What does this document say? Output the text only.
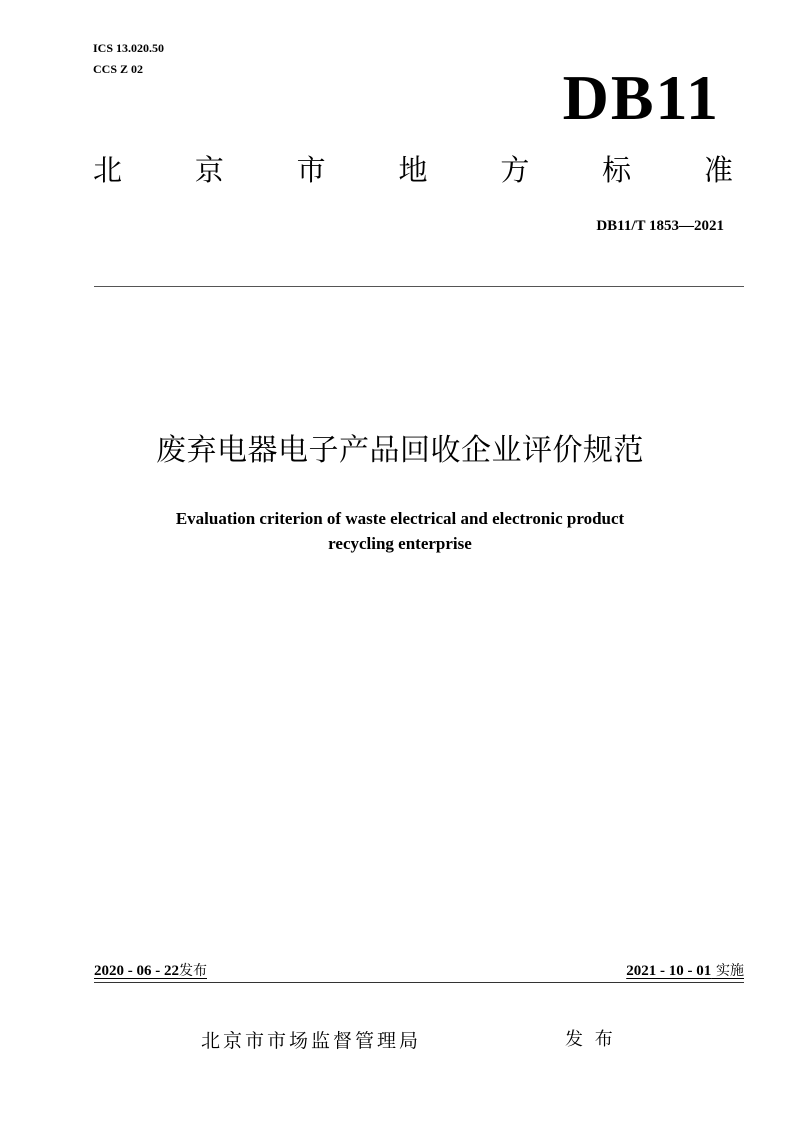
ICS 13.020.50
CCS Z 02	DB11
北	京	市	地	方	标	准
DB11/T 1853—2021
废弃电器电子产品回收企业评价规范
Evaluation criterion of waste electrical and electronic product
recycling enterprise
2020 - 06 - 22发布	2021 - 10 - 01 实施
北京市市场监督管理局	发 布
